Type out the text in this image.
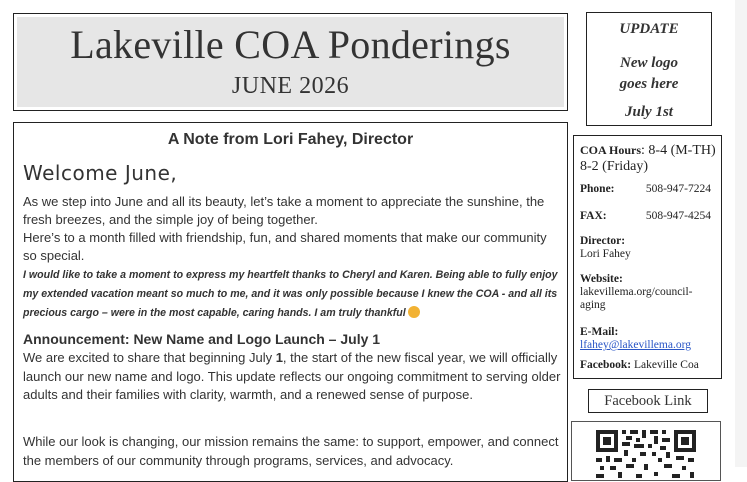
Lakeville COA Ponderings
JUNE 2026
UPDATE
New logo
goes here
July 1st
A Note from Lori Fahey, Director
Welcome June,
As we step into June and all its beauty, let’s take a moment to appreciate the sunshine, the fresh breezes, and the simple joy of being together.
Here’s to a month filled with friendship, fun, and shared moments that make our community so special.
I would like to take a moment to express my heartfelt thanks to Cheryl and Karen. Being able to fully enjoy my extended vacation meant so much to me, and it was only possible because I knew the COA - and all its precious cargo – were in the most capable, caring hands. I am truly thankful
Announcement: New Name and Logo Launch – July 1
We are excited to share that beginning July 1, the start of the new fiscal year, we will officially launch our new name and logo. This update reflects our ongoing commitment to serving older adults and their families with clarity, warmth, and a renewed sense of purpose.
While our look is changing, our mission remains the same: to support, empower, and connect the members of our community through programs, services, and advocacy.
COA Hours: 8-4 (M-TH)
8-2 (Friday)
Phone:	508-947-7224
FAX:	508-947-4254
Director:
Lori Fahey
Website:
lakevillema.org/council-aging
E-Mail:
lfahey@lakevillema.org
Facebook: Lakeville Coa
Facebook Link
